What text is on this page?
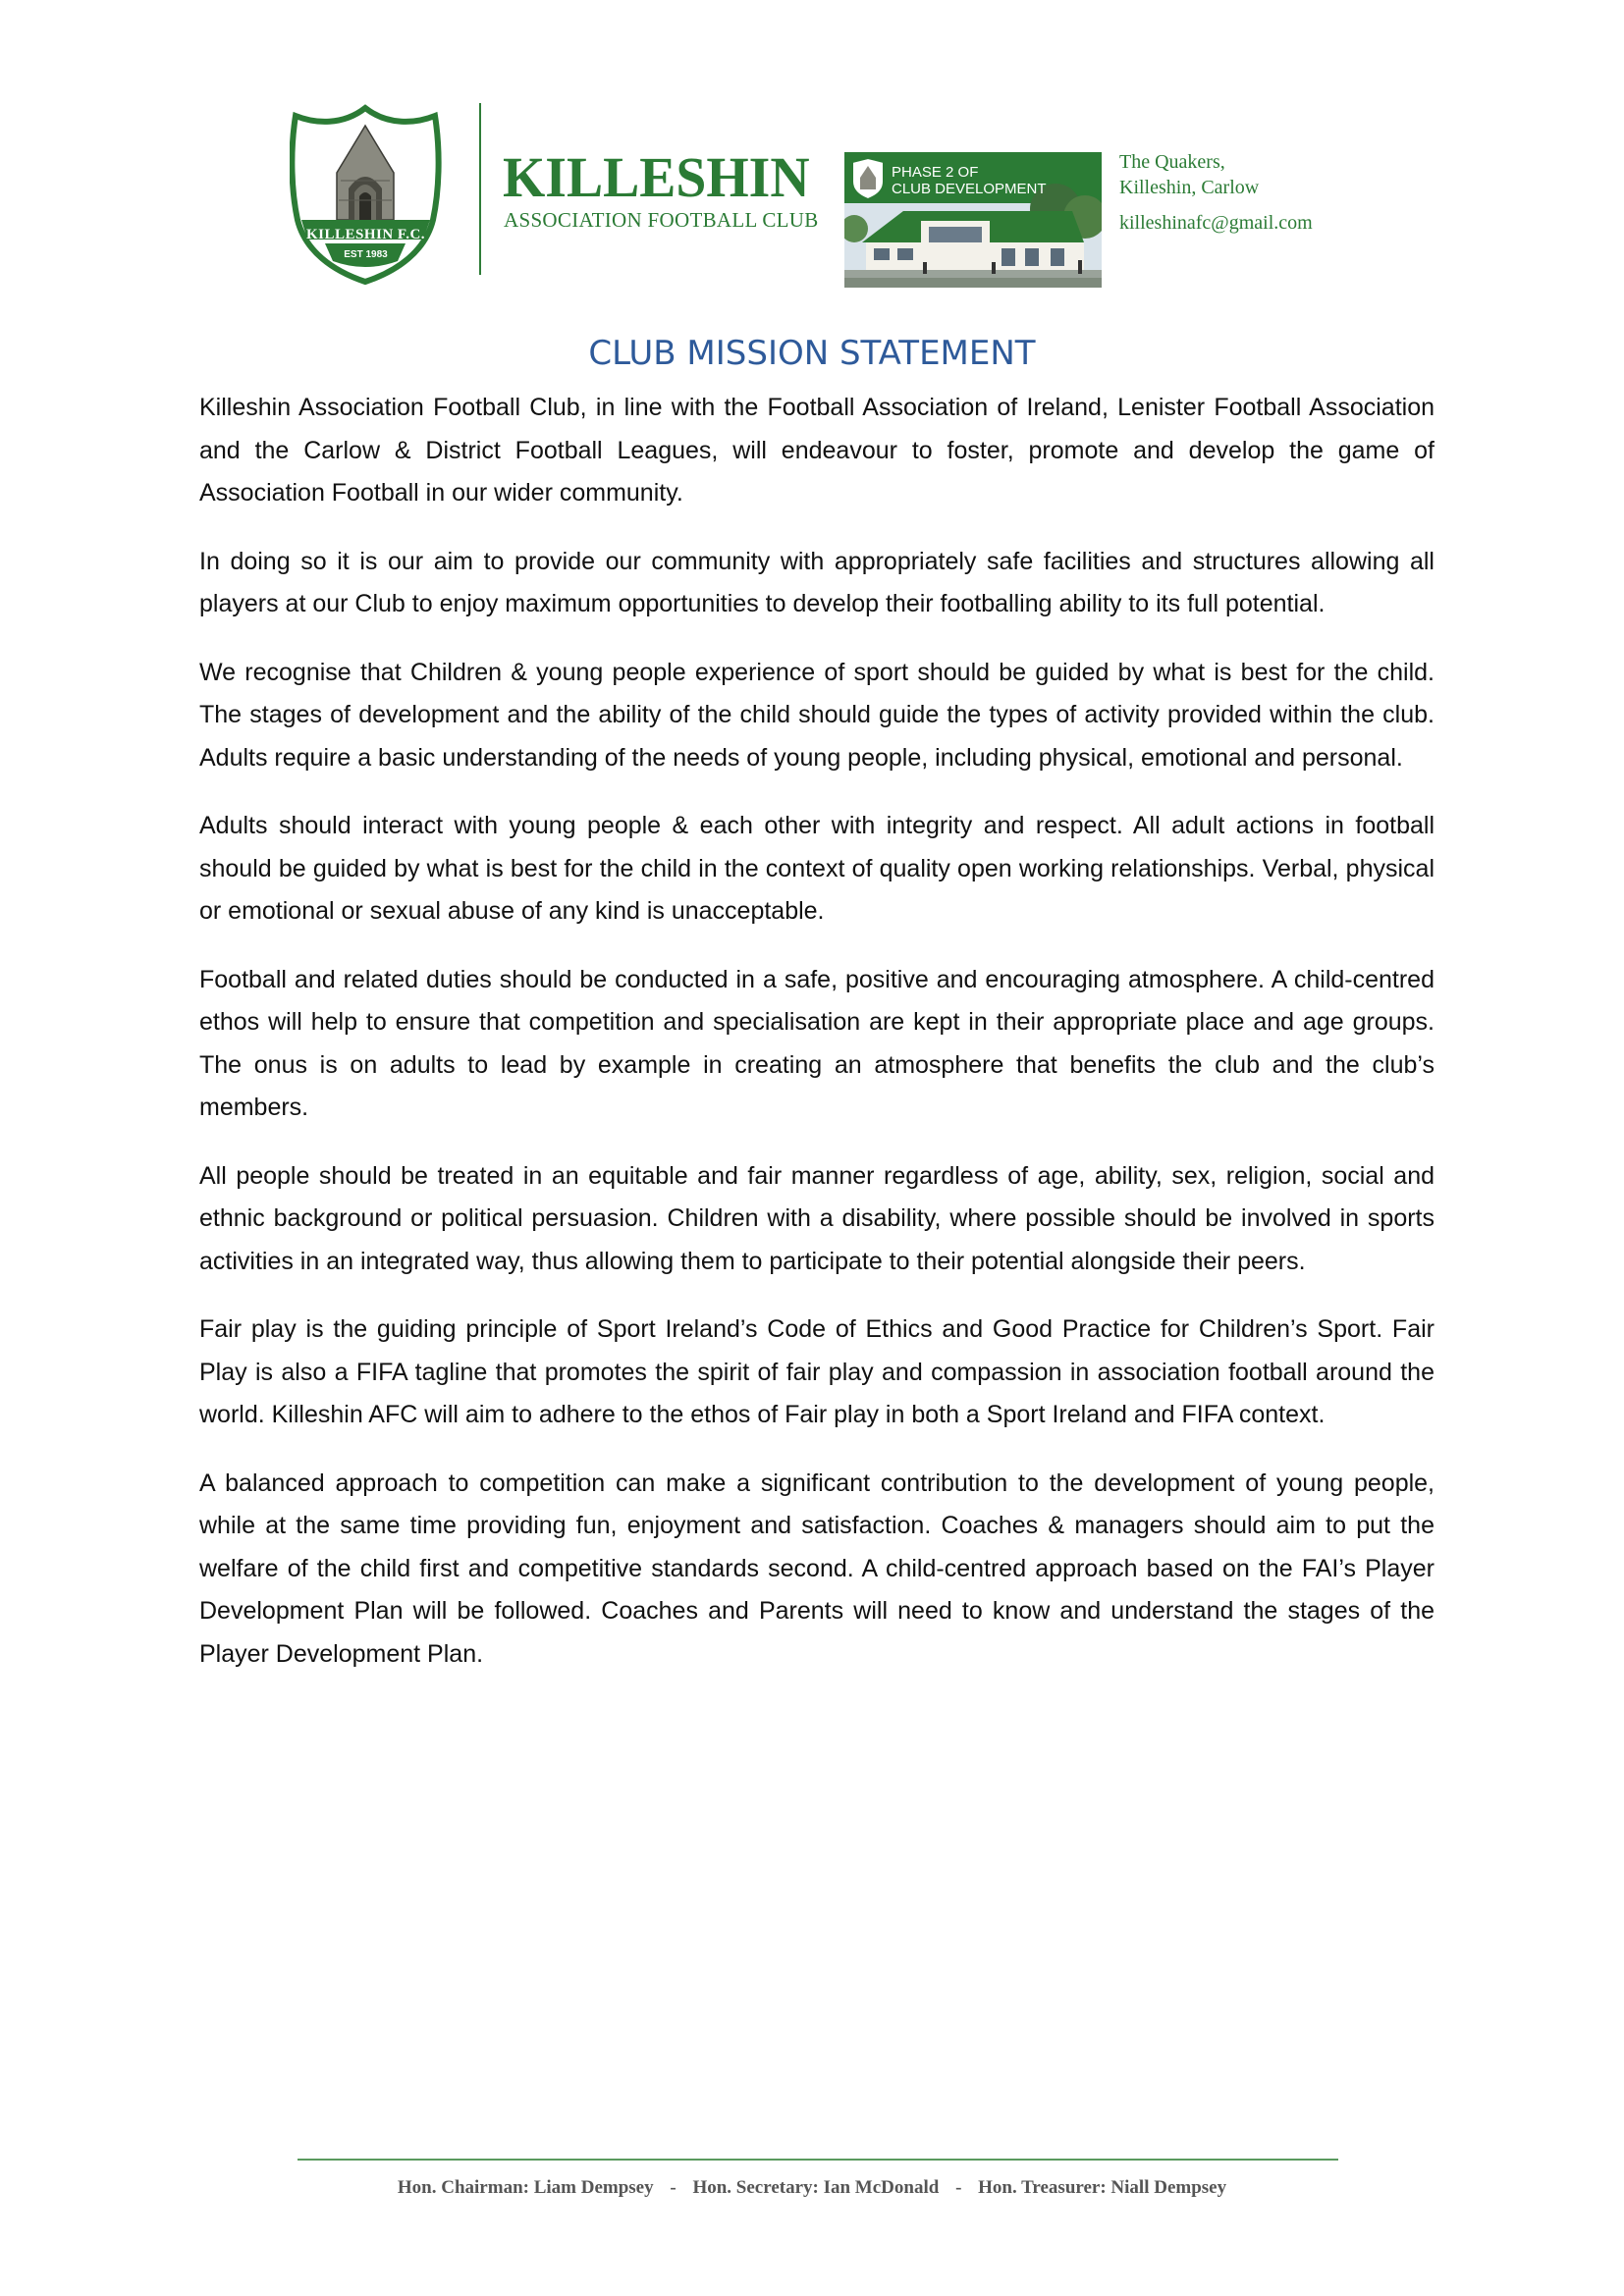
KILLESHIN F.C.
EST 1983
KILLESHIN
ASSOCIATION FOOTBALL CLUB
PHASE 2 OF
CLUB DEVELOPMENT
The Quakers,
Killeshin, Carlow
killeshinafc@gmail.com
CLUB MISSION STATEMENT

Killeshin Association Football Club, in line with the Football Association of Ireland, Lenister Football Association and the Carlow & District Football Leagues, will endeavour to foster, promote and develop the game of Association Football in our wider community.

In doing so it is our aim to provide our community with appropriately safe facilities and structures allowing all players at our Club to enjoy maximum opportunities to develop their footballing ability to its full potential.

We recognise that Children & young people experience of sport should be guided by what is best for the child. The stages of development and the ability of the child should guide the types of activity provided within the club. Adults require a basic understanding of the needs of young people, including physical, emotional and personal.

Adults should interact with young people & each other with integrity and respect. All adult actions in football should be guided by what is best for the child in the context of quality open working relationships. Verbal, physical or emotional or sexual abuse of any kind is unacceptable.

Football and related duties should be conducted in a safe, positive and encouraging atmosphere. A child-centred ethos will help to ensure that competition and specialisation are kept in their appropriate place and age groups. The onus is on adults to lead by example in creating an atmosphere that benefits the club and the club’s members.

All people should be treated in an equitable and fair manner regardless of age, ability, sex, religion, social and ethnic background or political persuasion. Children with a disability, where possible should be involved in sports activities in an integrated way, thus allowing them to participate to their potential alongside their peers.

Fair play is the guiding principle of Sport Ireland’s Code of Ethics and Good Practice for Children’s Sport. Fair Play is also a FIFA tagline that promotes the spirit of fair play and compassion in association football around the world. Killeshin AFC will aim to adhere to the ethos of Fair play in both a Sport Ireland and FIFA context.

A balanced approach to competition can make a significant contribution to the development of young people, while at the same time providing fun, enjoyment and satisfaction. Coaches & managers should aim to put the welfare of the child first and competitive standards second. A child-centred approach based on the FAI’s Player Development Plan will be followed. Coaches and Parents will need to know and understand the stages of the Player Development Plan.

Hon. Chairman: Liam Dempsey - Hon. Secretary: Ian McDonald - Hon. Treasurer: Niall Dempsey
